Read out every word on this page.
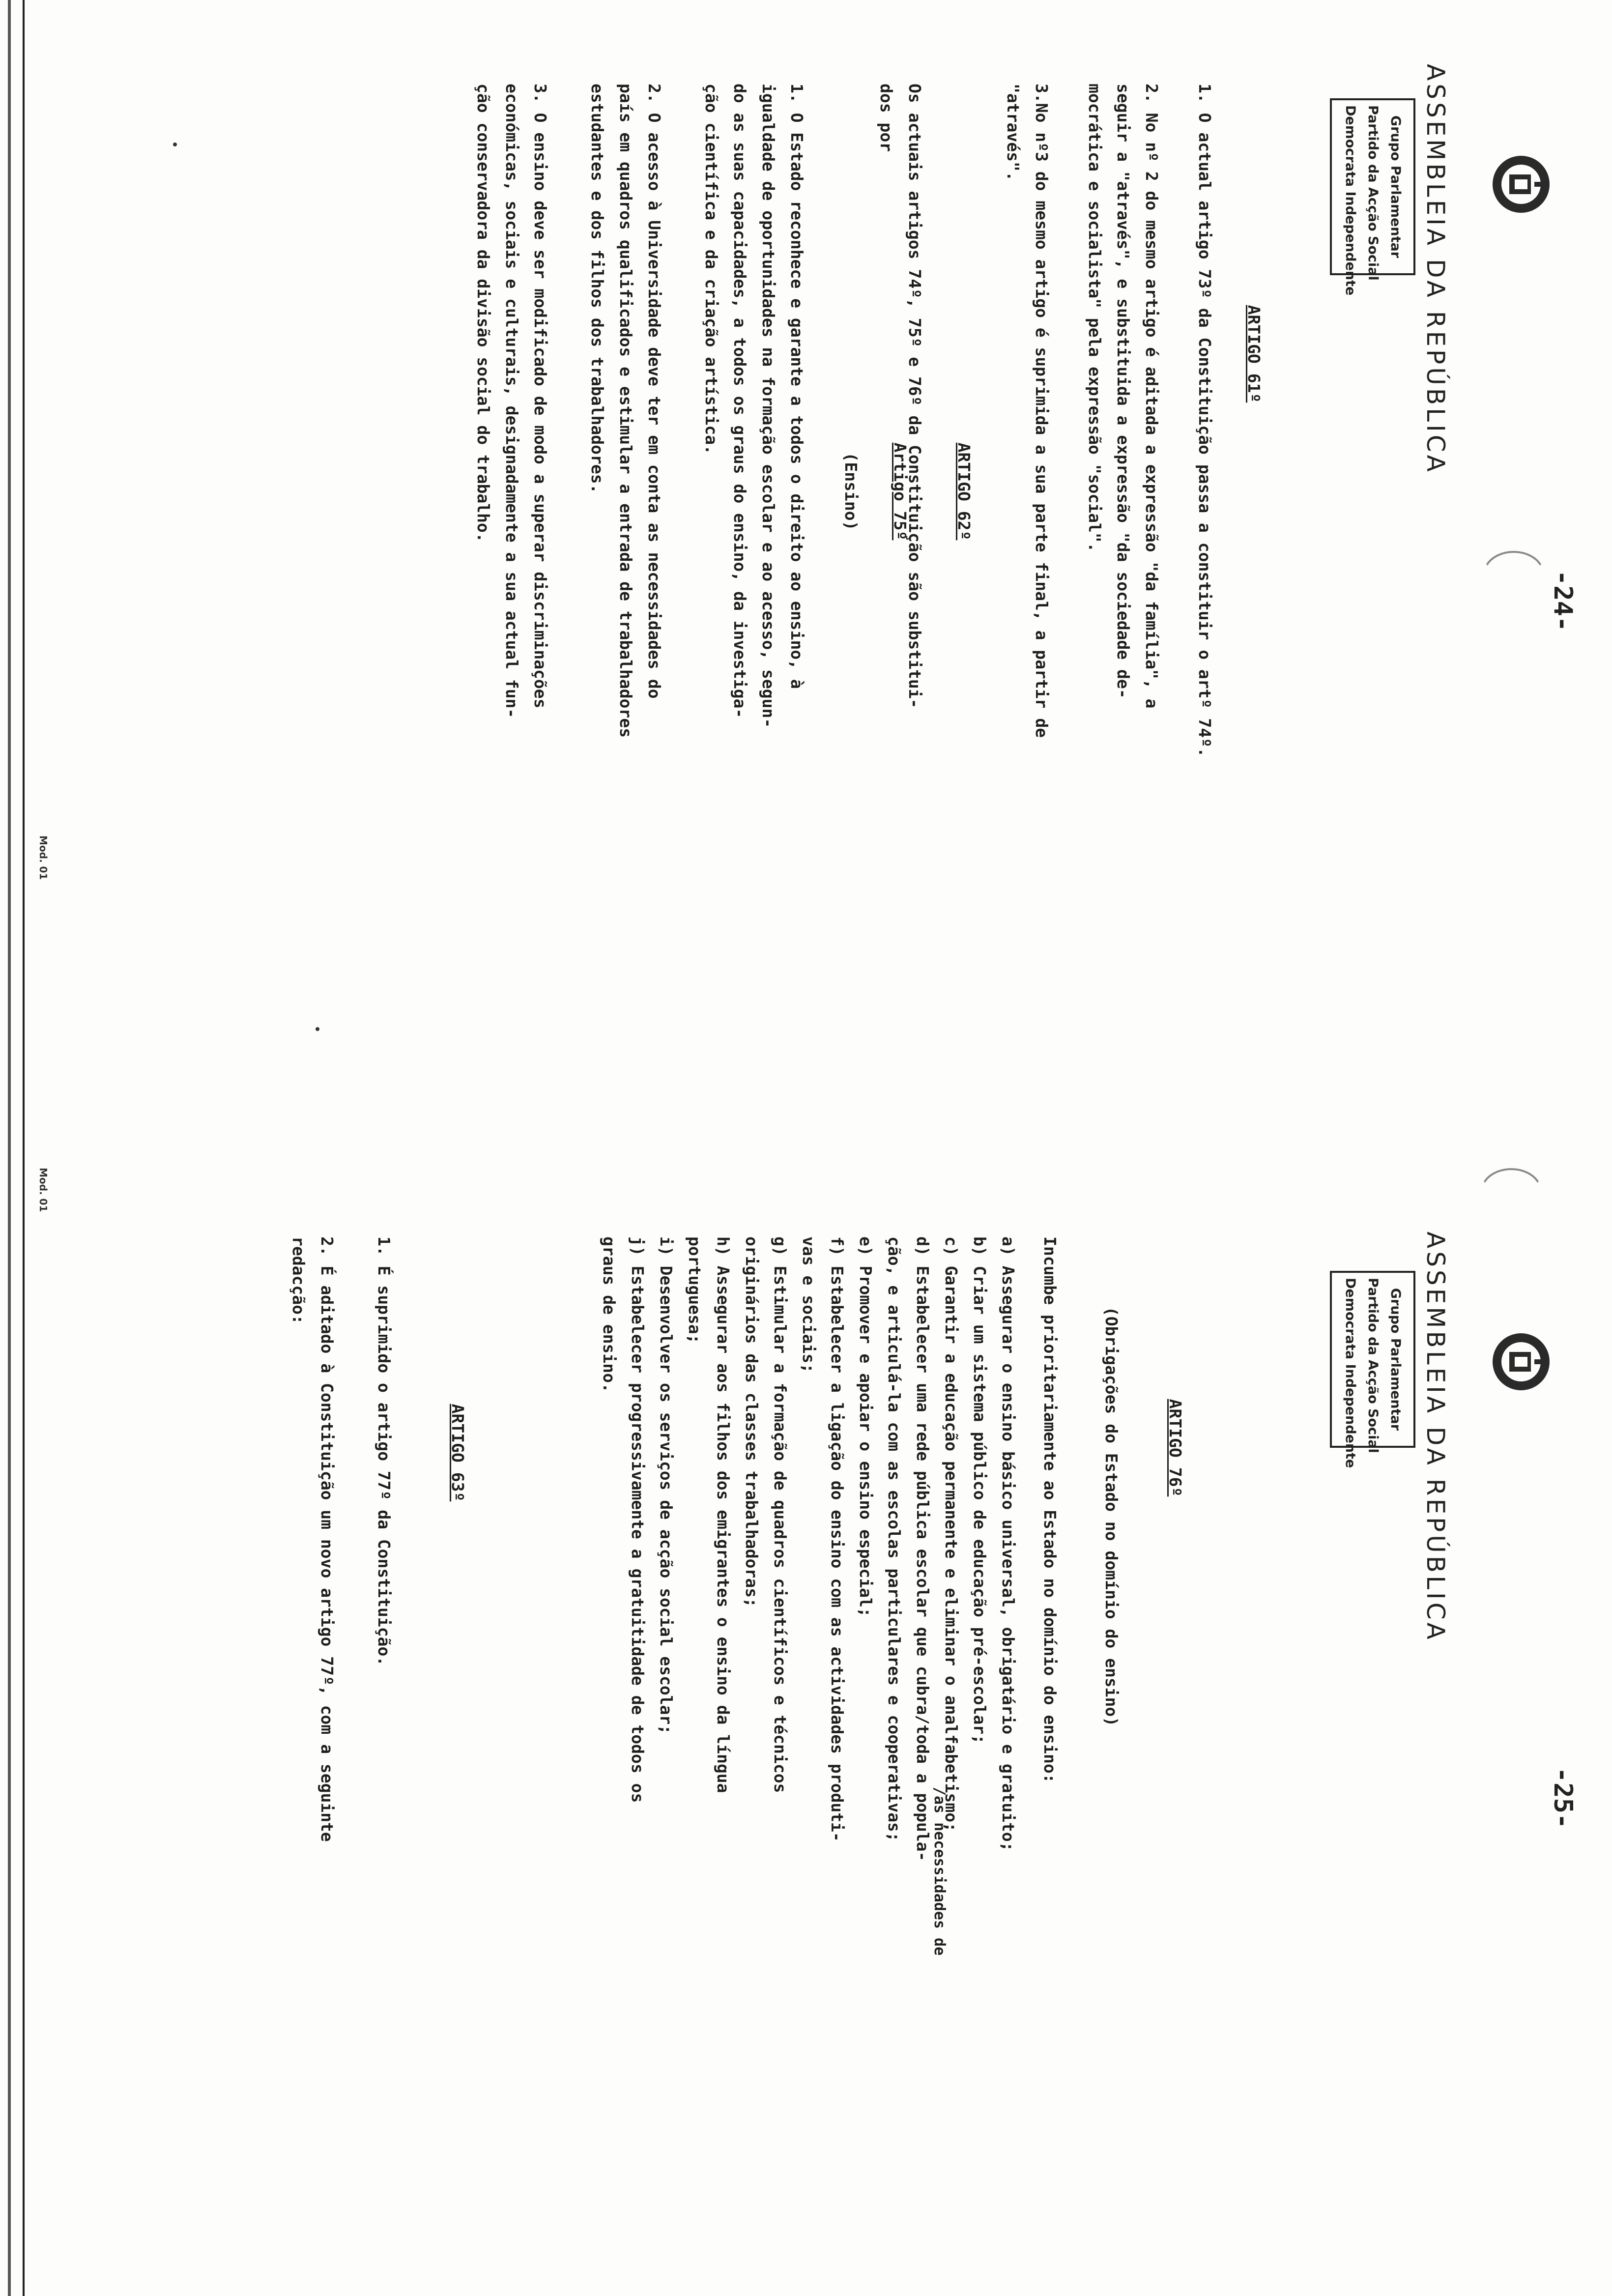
-24-
ASSEMBLEIA DA REPÚBLICA
Grupo Parlamentar
Partido da Acção Social
Democrata Independente
ARTIGO 61º
1. O actual artigo 73º da Constituição passa a constituir o artº 74º.
2. No nº 2 do mesmo artigo é aditada a expressão "da família", a
seguir a "através", e substituida a expressão "da sociedade de-
mocrática e socialista" pela expressão "social".
3.No nº3 do mesmo artigo é suprimida a sua parte final, a partir de
"através".
ARTIGO 62º
Os actuais artigos 74º, 75º e 76º da Constituição são substitui-
dos por
Artigo 75º
(Ensino)
1. O Estado reconhece e garante a todos o direito ao ensino, à
igualdade de oportunidades na formação escolar e ao acesso, segun-
do as suas capacidades, a todos os graus do ensino, da investiga-
ção científica e da criação artística.
2. O acesso à Universidade deve ter em conta as necessidades do
país em quadros qualificados e estimular a entrada de trabalhadores
estudantes e dos filhos dos trabalhadores.
3. O ensino deve ser modificado de modo a superar discriminações
económicas, sociais e culturais, designadamente a sua actual fun-
ção conservadora da divisão social do trabalho.
Mod. 01
-25-
ASSEMBLEIA DA REPÚBLICA
Grupo Parlamentar
Partido da Acção Social
Democrata Independente
ARTIGO 76º
(Obrigações do Estado no domínio do ensino)
Incumbe prioritariamente ao Estado no domínio do ensino:
a) Assegurar o ensino básico universal, obrigatário e gratuito;
b) Criar um sistema público de educação pré-escolar;
c) Garantir a educação permanente e eliminar o analfabetismo;
d) Estabelecer uma rede pública escolar que cubra/toda a popula-
/as necessidades de
ção, e articulá-la com as escolas particulares e cooperativas;
e) Promover e apoiar o ensino especial;
f) Estabelecer a ligação do ensino com as actividades produti-
vas e sociais;
g) Estimular a formação de quadros científicos e técnicos
originários das classes trabalhadoras;
h) Assegurar aos filhos dos emigrantes o ensino da língua
portuguesa;
i) Desenvolver os serviços de acção social escolar;
j) Estabelecer progressivamente a gratuitidade de todos os
graus de ensino.
ARTIGO 63º
1. É suprimido o artigo 77º da Constituição.
2. É aditado à Constituição um novo artigo 77º, com a seguinte
redacção:
Mod. 01
